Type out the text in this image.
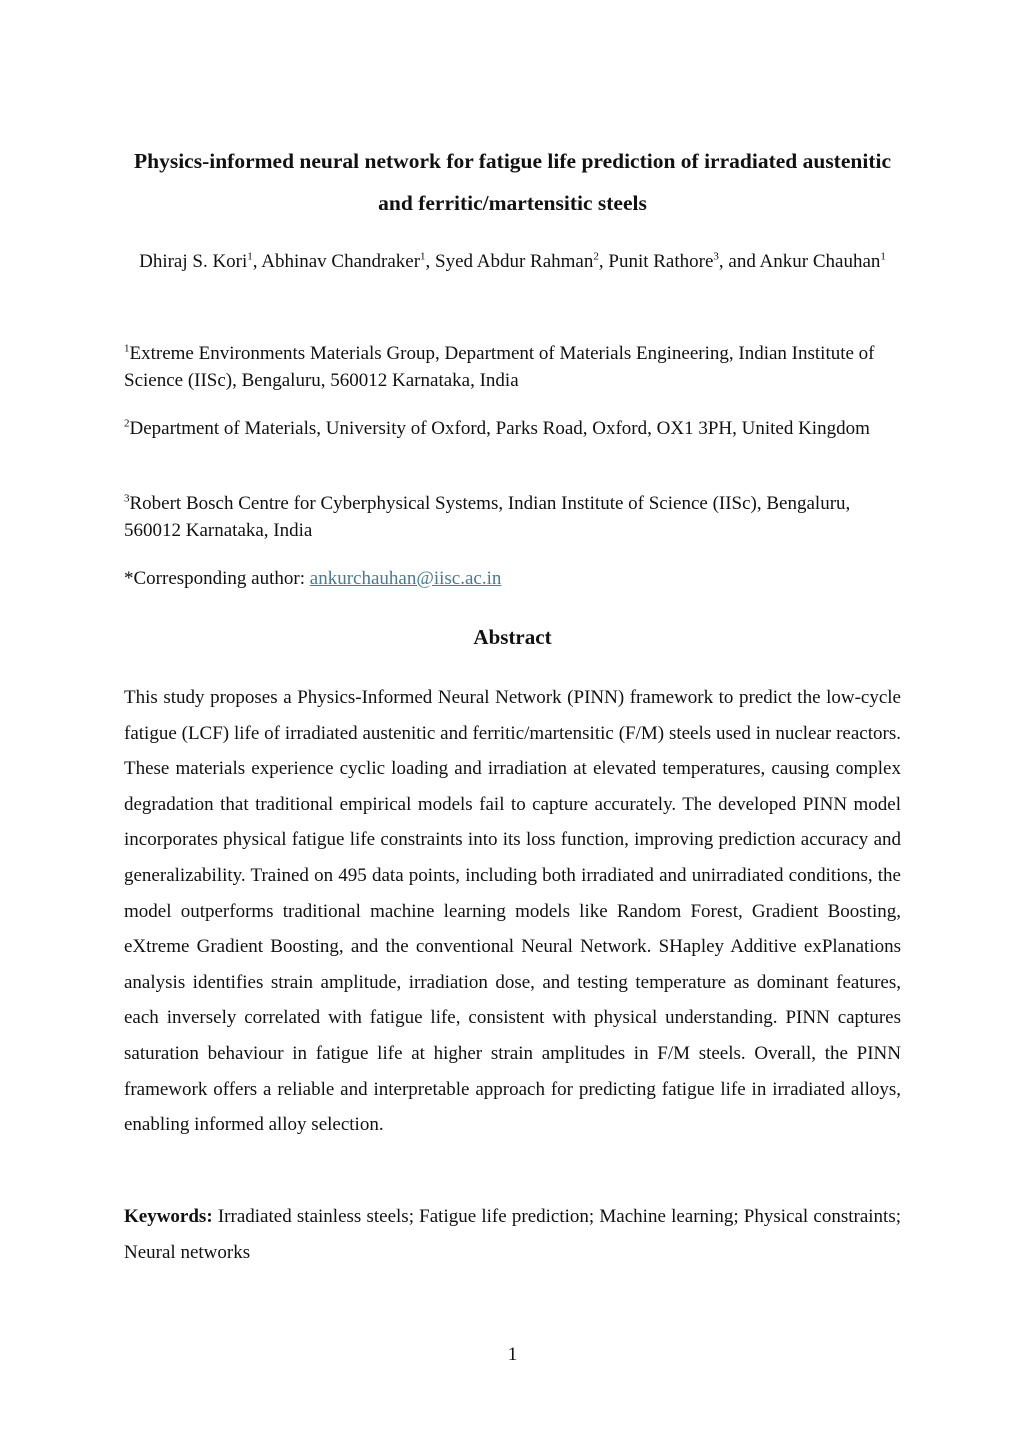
Physics-informed neural network for fatigue life prediction of irradiated austenitic and ferritic/martensitic steels
Dhiraj S. Kori$^1$, Abhinav Chandraker$^1$, Syed Abdur Rahman$^2$, Punit Rathore$^3$, and Ankur Chauhan$^1$
$^1$Extreme Environments Materials Group, Department of Materials Engineering, Indian Institute of Science (IISc), Bengaluru, 560012 Karnataka, India
$^2$Department of Materials, University of Oxford, Parks Road, Oxford, OX1 3PH, United Kingdom
$^3$Robert Bosch Centre for Cyberphysical Systems, Indian Institute of Science (IISc), Bengaluru, 560012 Karnataka, India
*Corresponding author: ankurchauhan@iisc.ac.in
Abstract
This study proposes a Physics-Informed Neural Network (PINN) framework to predict the low-cycle fatigue (LCF) life of irradiated austenitic and ferritic/martensitic (F/M) steels used in nuclear reactors. These materials experience cyclic loading and irradiation at elevated temperatures, causing complex degradation that traditional empirical models fail to capture accurately. The developed PINN model incorporates physical fatigue life constraints into its loss function, improving prediction accuracy and generalizability. Trained on 495 data points, including both irradiated and unirradiated conditions, the model outperforms traditional machine learning models like Random Forest, Gradient Boosting, eXtreme Gradient Boosting, and the conventional Neural Network. SHapley Additive exPlanations analysis identifies strain amplitude, irradiation dose, and testing temperature as dominant features, each inversely correlated with fatigue life, consistent with physical understanding. PINN captures saturation behaviour in fatigue life at higher strain amplitudes in F/M steels. Overall, the PINN framework offers a reliable and interpretable approach for predicting fatigue life in irradiated alloys, enabling informed alloy selection.
Keywords: Irradiated stainless steels; Fatigue life prediction; Machine learning; Physical constraints; Neural networks
1
